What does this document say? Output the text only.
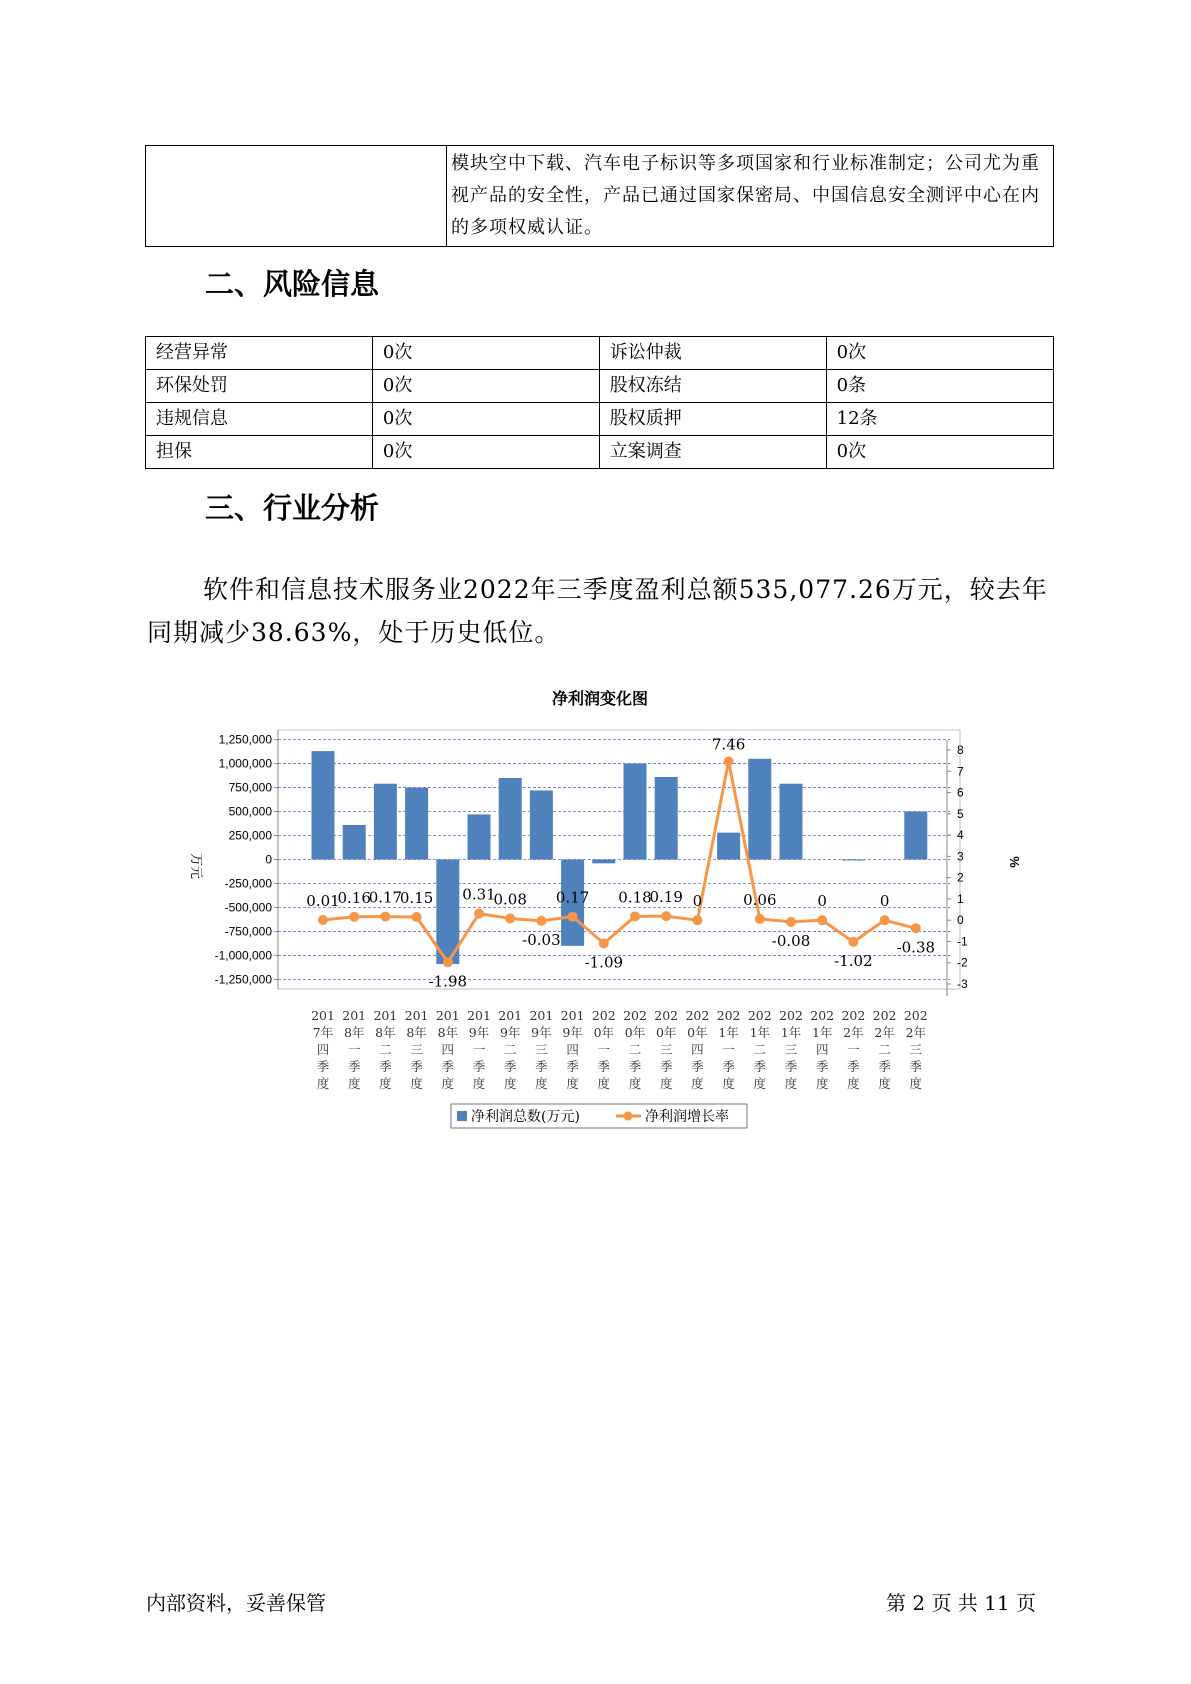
	模块空中下载、汽车电子标识等多项国家和行业标准制定；公司尤为重视产品的安全性，产品已通过国家保密局、中国信息安全测评中心在内的多项权威认证。
二、风险信息
经营异常	0次	诉讼仲裁	0次
环保处罚	0次	股权冻结	0条
违规信息	0次	股权质押	12条
担保	0次	立案调查	0次
三、行业分析

软件和信息技术服务业2022年三季度盈利总额535,077.26万元，较去年同期减少38.63%，处于历史低位。

净利润变化图
1,250,000
1,000,000
750,000
500,000
250,000
0
-250,000
-500,000
-750,000
-1,000,000
-1,250,000
8
7
6
5
4
3
2
1
0
-1
-2
-3
万元	%
0.01
0.16
0.17
0.15
-1.98
0.31
0.08
-0.03
0.17
-1.09
0.18
0.19 0
7.46
0.06
-0.08
0
-1.02
0
-0.38
201
7年
四
季
度
201
8年
一
季
度
201
8年
二
季
度
201
8年
三
季
度
201
8年
四
季
度
201
9年
一
季
度
201
9年
二
季
度
201
9年
三
季
度
201
9年
四
季
度
202
0年
一
季
度
202
0年
二
季
度
202
0年
三
季
度
202
0年
四
季
度
202
1年
一
季
度
202
1年
二
季
度
202
1年
三
季
度
202
1年
四
季
度
202
2年
一
季
度
202
2年
二
季
度
202
2年
三
季
度
净利润总数(万元)	净利润增长率
内部资料，妥善保管	第 2 页 共 11 页
